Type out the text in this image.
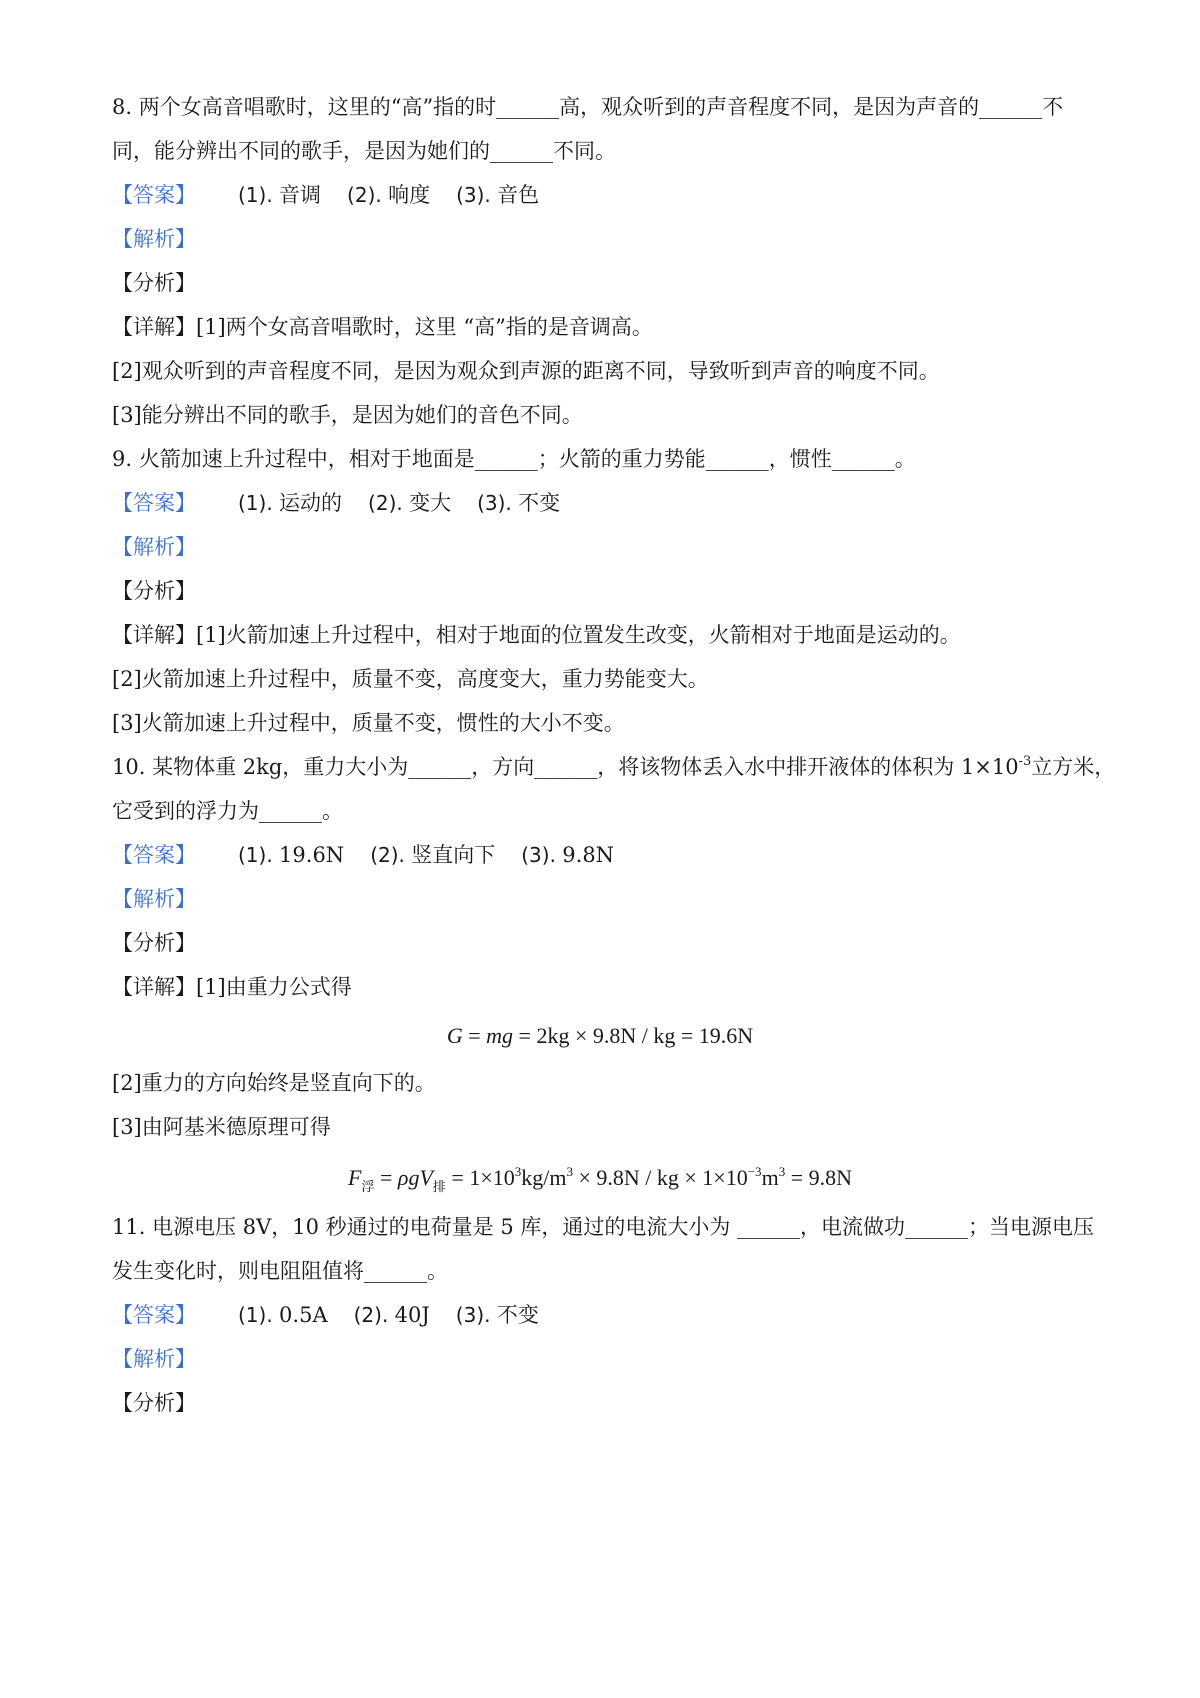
8. 两个女高音唱歌时，这里的“高”指的时______高，观众听到的声音程度不同，是因为声音的______不
同，能分辨出不同的歌手，是因为她们的______不同。
【答案】 (1). 音调 (2). 响度 (3). 音色
【解析】
【分析】
【详解】[1]两个女高音唱歌时，这里 “高”指的是音调高。
[2]观众听到的声音程度不同，是因为观众到声源的距离不同，导致听到声音的响度不同。
[3]能分辨出不同的歌手，是因为她们的音色不同。
9. 火箭加速上升过程中，相对于地面是______；火箭的重力势能______，惯性______。
【答案】 (1). 运动的 (2). 变大 (3). 不变
【解析】
【分析】
【详解】[1]火箭加速上升过程中，相对于地面的位置发生改变，火箭相对于地面是运动的。
[2]火箭加速上升过程中，质量不变，高度变大，重力势能变大。
[3]火箭加速上升过程中，质量不变，惯性的大小不变。
10. 某物体重 2kg，重力大小为______，方向______，将该物体丢入水中排开液体的体积为 $1\times 10^{-3}$立方米，
它受到的浮力为______。
【答案】 (1). 19.6N (2). 竖直向下 (3). 9.8N
【解析】
【分析】
【详解】[1]由重力公式得
G = mg = 2kg × 9.8N / kg = 19.6N
[2]重力的方向始终是竖直向下的。
[3]由阿基米德原理可得
$F_浮 = \rho gV_排 = 1\times 10^3kg/m^3 \times 9.8N$ / kg × $1\times 10^{-3}m^3 = 9.8N$
11. 电源电压 8V，10 秒通过的电荷量是 5 库，通过的电流大小为 ______，电流做功______；当电源电压
发生变化时，则电阻阻值将______。
【答案】 (1). 0.5A (2). 40J (3). 不变
【解析】
【分析】
